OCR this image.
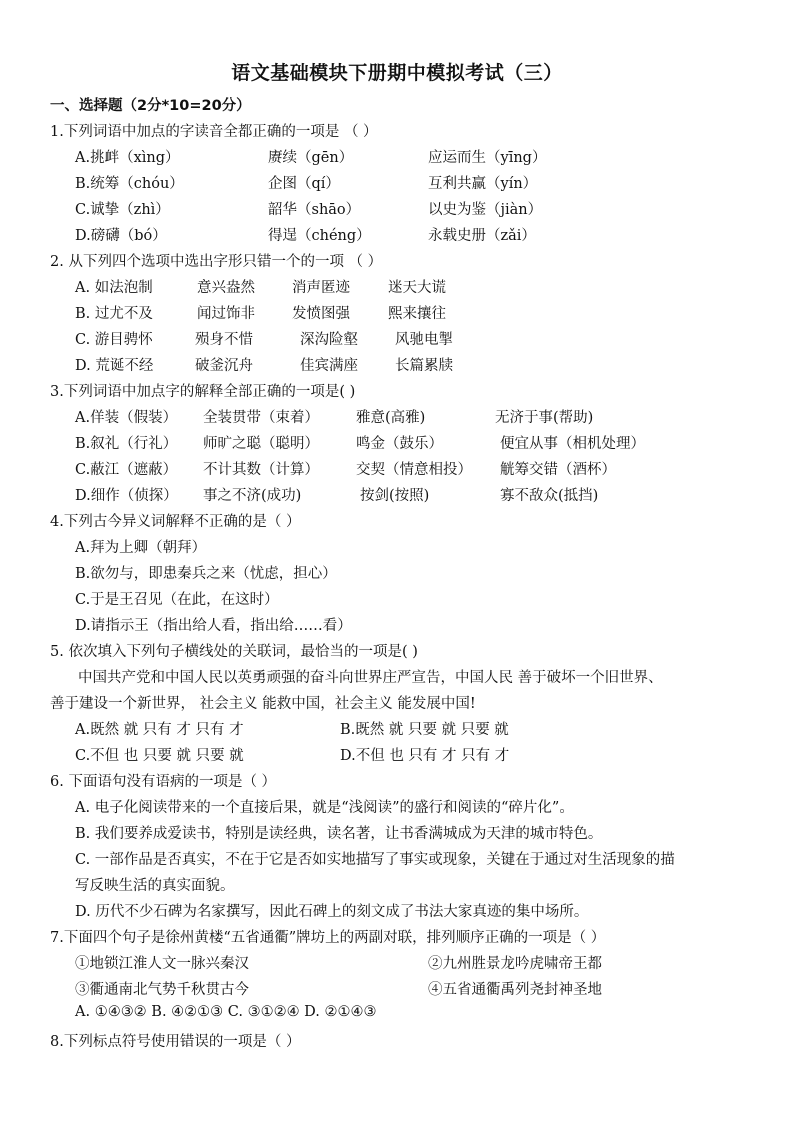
语文基础模块下册期中模拟考试（三）
一、选择题（2分*10=20分）
1.下列词语中加点的字读音全都正确的一项是 （ ）
A.挑衅（xìng）	赓续（gēn）	应运而生（yīng）
B.统筹（chóu）	企图（qí）	互利共赢（yín）
C.诚挚（zhì）	韶华（shāo）	以史为鉴（jiàn）
D.磅礴（bó）	得逞（chéng）	永载史册（zǎi）
2. 从下列四个选项中选出字形只错一个的一项 （ ）
A. 如法泡制	意兴盎然	消声匿迹	迷天大谎
B. 过尤不及	闻过饰非	发愤图强	熙来攘往
C. 游目骋怀	殒身不惜	深沟险壑	风驰电掣
D. 荒诞不经	破釜沉舟	佳宾满座	长篇累牍
3.下列词语中加点字的解释全部正确的一项是( )
A.佯装（假装） 全装贯带（束着）	雅意(高雅)	无济于事(帮助)
B.叙礼（行礼） 师旷之聪（聪明）	鸣金（鼓乐）	便宜从事（相机处理）
C.蔽江（遮蔽） 不计其数（计算）	交契（情意相投） 觥筹交错（酒杯）
D.细作（侦探） 事之不济(成功)	按剑(按照)	寡不敌众(抵挡)
4.下列古今异义词解释不正确的是（ ）
A.拜为上卿（朝拜）
B.欲勿与，即患秦兵之来（忧虑，担心）
C.于是王召见（在此，在这时）
D.请指示王（指出给人看，指出给……看）
5. 依次填入下列句子横线处的关联词，最恰当的一项是( )
中国共产党和中国人民以英勇顽强的奋斗向世界庄严宣告，中国人民 善于破坏一个旧世界、
善于建设一个新世界， 社会主义 能救中国，社会主义 能发展中国!
A.既然 就 只有 才 只有 才	B.既然 就 只要 就 只要 就
C.不但 也 只要 就 只要 就	D.不但 也 只有 才 只有 才
6. 下面语句没有语病的一项是（ ）
A. 电子化阅读带来的一个直接后果，就是“浅阅读”的盛行和阅读的“碎片化”。
B. 我们要养成爱读书，特别是读经典，读名著，让书香满城成为天津的城市特色。
C. 一部作品是否真实，不在于它是否如实地描写了事实或现象，关键在于通过对生活现象的描
写反映生活的真实面貌。
D. 历代不少石碑为名家撰写，因此石碑上的刻文成了书法大家真迹的集中场所。
7.下面四个句子是徐州黄楼“五省通衢”牌坊上的两副对联，排列顺序正确的一项是（ ）
①地锁江淮人文一脉兴秦汉	②九州胜景龙吟虎啸帝王都
③衢通南北气势千秋贯古今	④五省通衢禹列尧封神圣地
A. ①④③② B. ④②①③ C. ③①②④ D. ②①④③
8.下列标点符号使用错误的一项是（ ）
